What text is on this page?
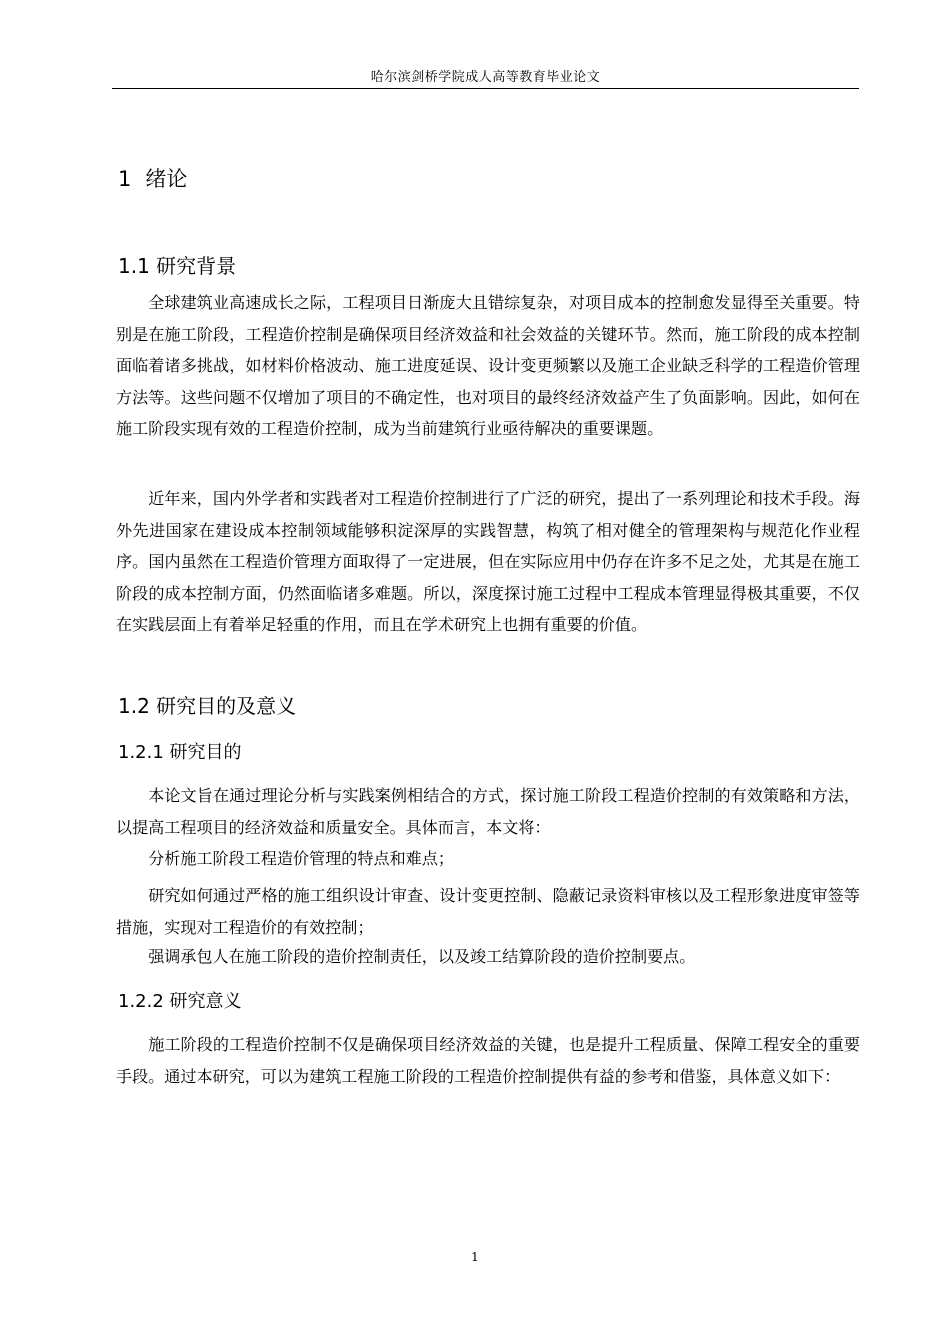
哈尔滨剑桥学院成人高等教育毕业论文
1 绪论
1.1 研究背景

全球建筑业高速成长之际，工程项目日渐庞大且错综复杂，对项目成本的控制愈发显得至关重要。特别是在施工阶段，工程造价控制是确保项目经济效益和社会效益的关键环节。然而，施工阶段的成本控制面临着诸多挑战，如材料价格波动、施工进度延误、设计变更频繁以及施工企业缺乏科学的工程造价管理方法等。这些问题不仅增加了项目的不确定性，也对项目的最终经济效益产生了负面影响。因此，如何在施工阶段实现有效的工程造价控制，成为当前建筑行业亟待解决的重要课题。

近年来，国内外学者和实践者对工程造价控制进行了广泛的研究，提出了一系列理论和技术手段。海外先进国家在建设成本控制领域能够积淀深厚的实践智慧，构筑了相对健全的管理架构与规范化作业程序。国内虽然在工程造价管理方面取得了一定进展，但在实际应用中仍存在许多不足之处，尤其是在施工阶段的成本控制方面，仍然面临诸多难题。所以，深度探讨施工过程中工程成本管理显得极其重要，不仅在实践层面上有着举足轻重的作用，而且在学术研究上也拥有重要的价值。

1.2 研究目的及意义
1.2.1 研究目的

本论文旨在通过理论分析与实践案例相结合的方式，探讨施工阶段工程造价控制的有效策略和方法，以提高工程项目的经济效益和质量安全。具体而言，本文将：

分析施工阶段工程造价管理的特点和难点；

研究如何通过严格的施工组织设计审查、设计变更控制、隐蔽记录资料审核以及工程形象进度审签等措施，实现对工程造价的有效控制；

强调承包人在施工阶段的造价控制责任，以及竣工结算阶段的造价控制要点。

1.2.2 研究意义

施工阶段的工程造价控制不仅是确保项目经济效益的关键，也是提升工程质量、保障工程安全的重要手段。通过本研究，可以为建筑工程施工阶段的工程造价控制提供有益的参考和借鉴，具体意义如下：

1
